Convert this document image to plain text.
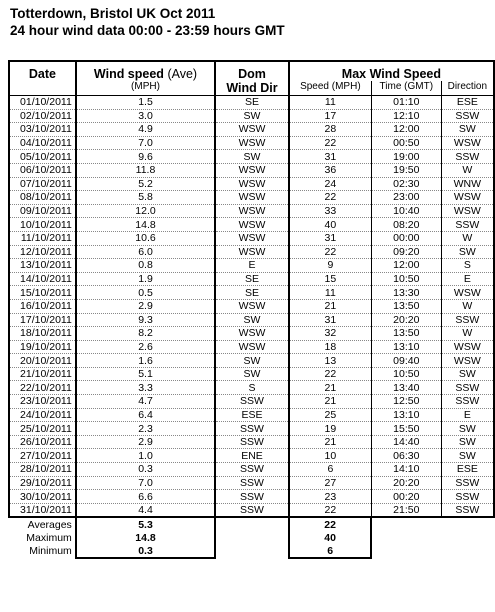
Totterdown, Bristol UK Oct 2011
24 hour wind data 00:00 - 23:59 hours GMT
Date	Wind speed (Ave)	Dom	Max Wind Speed		
	(MPH)	Wind Dir	Speed (MPH)	Time (GMT)	Direction
01/10/2011	1.5	SE	11	01:10	ESE
02/10/2011	3.0	SW	17	12:10	SSW
03/10/2011	4.9	WSW	28	12:00	SW
04/10/2011	7.0	WSW	22	00:50	WSW
05/10/2011	9.6	SW	31	19:00	SSW
06/10/2011	11.8	WSW	36	19:50	W
07/10/2011	5.2	WSW	24	02:30	WNW
08/10/2011	5.8	WSW	22	23:00	WSW
09/10/2011	12.0	WSW	33	10:40	WSW
10/10/2011	14.8	WSW	40	08:20	SSW
11/10/2011	10.6	WSW	31	00:00	W
12/10/2011	6.0	WSW	22	09:20	SW
13/10/2011	0.8	E	9	12:00	S
14/10/2011	1.9	SE	15	10:50	E
15/10/2011	0.5	SE	11	13:30	WSW
16/10/2011	2.9	WSW	21	13:50	W
17/10/2011	9.3	SW	31	20:20	SSW
18/10/2011	8.2	WSW	32	13:50	W
19/10/2011	2.6	WSW	18	13:10	WSW
20/10/2011	1.6	SW	13	09:40	WSW
21/10/2011	5.1	SW	22	10:50	SW
22/10/2011	3.3	S	21	13:40	SSW
23/10/2011	4.7	SSW	21	12:50	SSW
24/10/2011	6.4	ESE	25	13:10	E
25/10/2011	2.3	SSW	19	15:50	SW
26/10/2011	2.9	SSW	21	14:40	SW
27/10/2011	1.0	ENE	10	06:30	SW
28/10/2011	0.3	SSW	6	14:10	ESE
29/10/2011	7.0	SSW	27	20:20	SSW
30/10/2011	6.6	SSW	23	00:20	SSW
31/10/2011	4.4	SSW	22	21:50	SSW
Averages	5.3		22		
Maximum	14.8		40		
Minimum	0.3		6		
